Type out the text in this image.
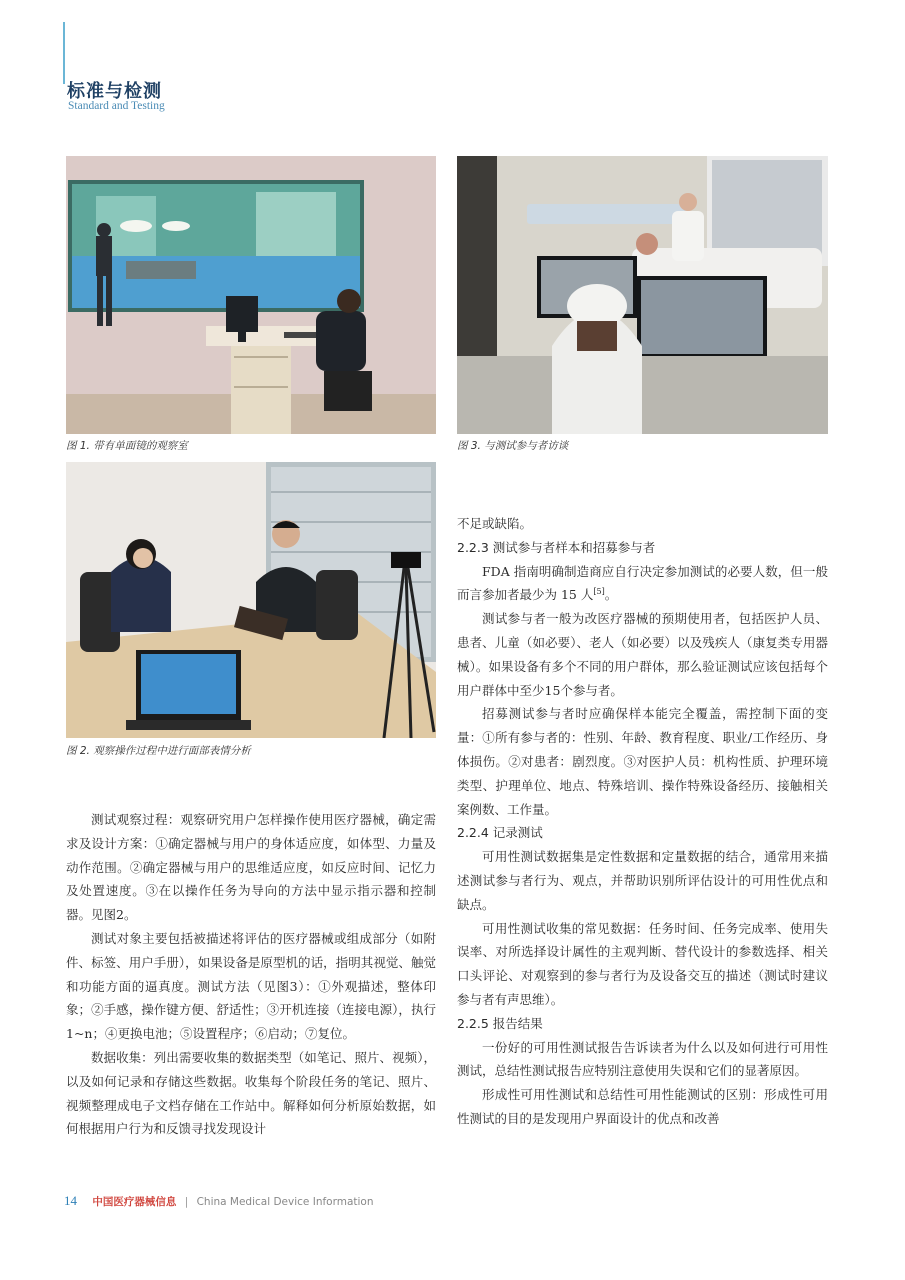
标准与检测
Standard and Testing
图 1. 带有单面镜的观察室	图 3. 与测试参与者访谈
图 2. 观察操作过程中进行面部表情分析

测试观察过程：观察研究用户怎样操作使用医疗器械，确定需求及设计方案：①确定器械与用户的身体适应度，如体型、力量及动作范围。②确定器械与用户的思维适应度，如反应时间、记忆力及处置速度。③在以操作任务为导向的方法中显示指示器和控制器。见图2。

测试对象主要包括被描述将评估的医疗器械或组成部分（如附件、标签、用户手册），如果设备是原型机的话，指明其视觉、触觉和功能方面的逼真度。测试方法（见图3）：①外观描述，整体印象；②手感，操作键方便、舒适性；③开机连接（连接电源），执行1~n；④更换电池；⑤设置程序；⑥启动；⑦复位。

数据收集：列出需要收集的数据类型（如笔记、照片、视频），以及如何记录和存储这些数据。收集每个阶段任务的笔记、照片、视频整理成电子文档存储在工作站中。解释如何分析原始数据，如何根据用户行为和反馈寻找发现设计

不足或缺陷。

2.2.3 测试参与者样本和招募参与者

FDA 指南明确制造商应自行决定参加测试的必要人数，但一般而言参加者最少为 15 人[5]。

测试参与者一般为改医疗器械的预期使用者，包括医护人员、患者、儿童（如必要）、老人（如必要）以及残疾人（康复类专用器械）。如果设备有多个不同的用户群体，那么验证测试应该包括每个用户群体中至少15个参与者。

招募测试参与者时应确保样本能完全覆盖，需控制下面的变量：①所有参与者的：性别、年龄、教育程度、职业/工作经历、身体损伤。②对患者：剧烈度。③对医护人员：机构性质、护理环境类型、护理单位、地点、特殊培训、操作特殊设备经历、接触相关案例数、工作量。

2.2.4 记录测试

可用性测试数据集是定性数据和定量数据的结合，通常用来描述测试参与者行为、观点，并帮助识别所评估设计的可用性优点和缺点。

可用性测试收集的常见数据：任务时间、任务完成率、使用失误率、对所选择设计属性的主观判断、替代设计的参数选择、相关口头评论、对观察到的参与者行为及设备交互的描述（测试时建议参与者有声思维）。

2.2.5 报告结果

一份好的可用性测试报告告诉读者为什么以及如何进行可用性测试，总结性测试报告应特别注意使用失误和它们的显著原因。

形成性可用性测试和总结性可用性能测试的区别：形成性可用性测试的目的是发现用户界面设计的优点和改善

14 中国医疗器械信息 | China Medical Device Information
